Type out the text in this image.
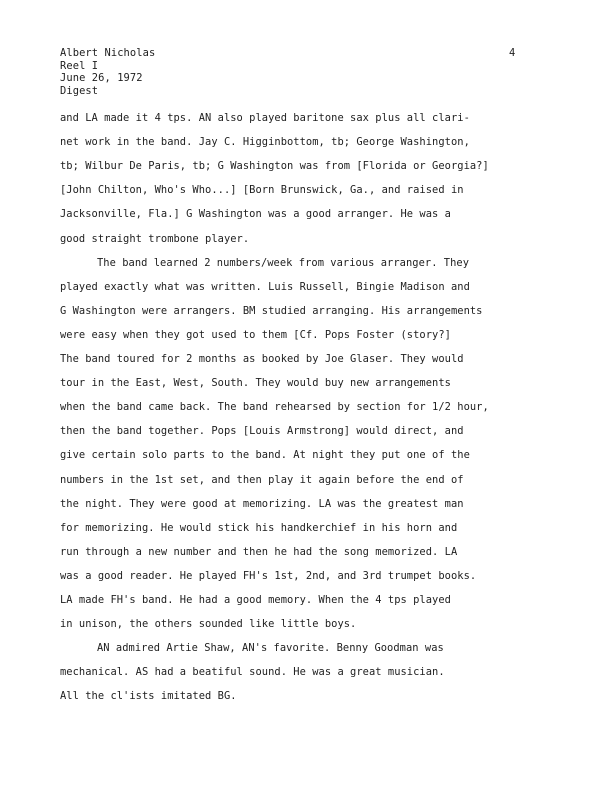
Albert Nicholas
Reel I
June 26, 1972
Digest
4
and LA made it 4 tps. AN also played baritone sax plus all clari-
net work in the band. Jay C. Higginbottom, tb; George Washington,
tb; Wilbur De Paris, tb; G Washington was from [Florida or Georgia?]
[John Chilton, Who's Who...] [Born Brunswick, Ga., and raised in
Jacksonville, Fla.] G Washington was a good arranger. He was a
good straight trombone player.
The band learned 2 numbers/week from various arranger. They
played exactly what was written. Luis Russell, Bingie Madison and
G Washington were arrangers. BM studied arranging. His arrangements
were easy when they got used to them [Cf. Pops Foster (story?]
The band toured for 2 months as booked by Joe Glaser. They would
tour in the East, West, South. They would buy new arrangements
when the band came back. The band rehearsed by section for 1/2 hour,
then the band together. Pops [Louis Armstrong] would direct, and
give certain solo parts to the band. At night they put one of the
numbers in the 1st set, and then play it again before the end of
the night. They were good at memorizing. LA was the greatest man
for memorizing. He would stick his handkerchief in his horn and
run through a new number and then he had the song memorized. LA
was a good reader. He played FH's 1st, 2nd, and 3rd trumpet books.
LA made FH's band. He had a good memory. When the 4 tps played
in unison, the others sounded like little boys.
AN admired Artie Shaw, AN's favorite. Benny Goodman was
mechanical. AS had a beatiful sound. He was a great musician.
All the cl'ists imitated BG.
